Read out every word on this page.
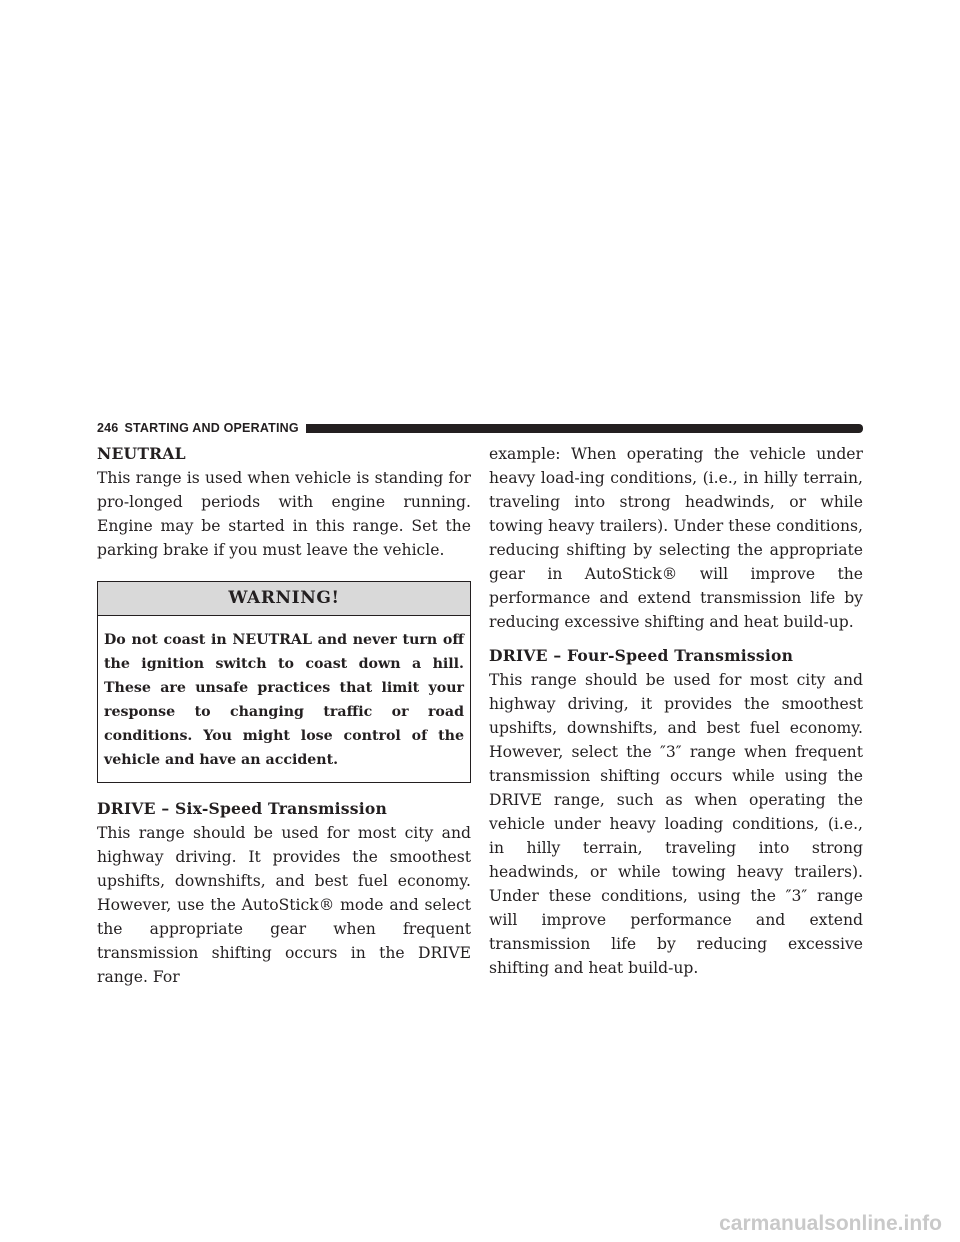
246 STARTING AND OPERATING
NEUTRAL

This range is used when vehicle is standing for pro-longed periods with engine running. Engine may be started in this range. Set the parking brake if you must leave the vehicle.

WARNING!
Do not coast in NEUTRAL and never turn off the ignition switch to coast down a hill. These are unsafe practices that limit your response to changing traffic or road conditions. You might lose control of the vehicle and have an accident.
DRIVE – Six-Speed Transmission

This range should be used for most city and highway driving. It provides the smoothest upshifts, downshifts, and best fuel economy. However, use the AutoStick® mode and select the appropriate gear when frequent transmission shifting occurs in the DRIVE range. For

example: When operating the vehicle under heavy load-ing conditions, (i.e., in hilly terrain, traveling into strong headwinds, or while towing heavy trailers). Under these conditions, reducing shifting by selecting the appropriate gear in AutoStick® will improve the performance and extend transmission life by reducing excessive shifting and heat build-up.

DRIVE – Four-Speed Transmission

This range should be used for most city and highway driving, it provides the smoothest upshifts, downshifts, and best fuel economy. However, select the ″3″ range when frequent transmission shifting occurs while using the DRIVE range, such as when operating the vehicle under heavy loading conditions, (i.e., in hilly terrain, traveling into strong headwinds, or while towing heavy trailers). Under these conditions, using the ″3″ range will improve performance and extend transmission life by reducing excessive shifting and heat build-up.

carmanualsonline.info
